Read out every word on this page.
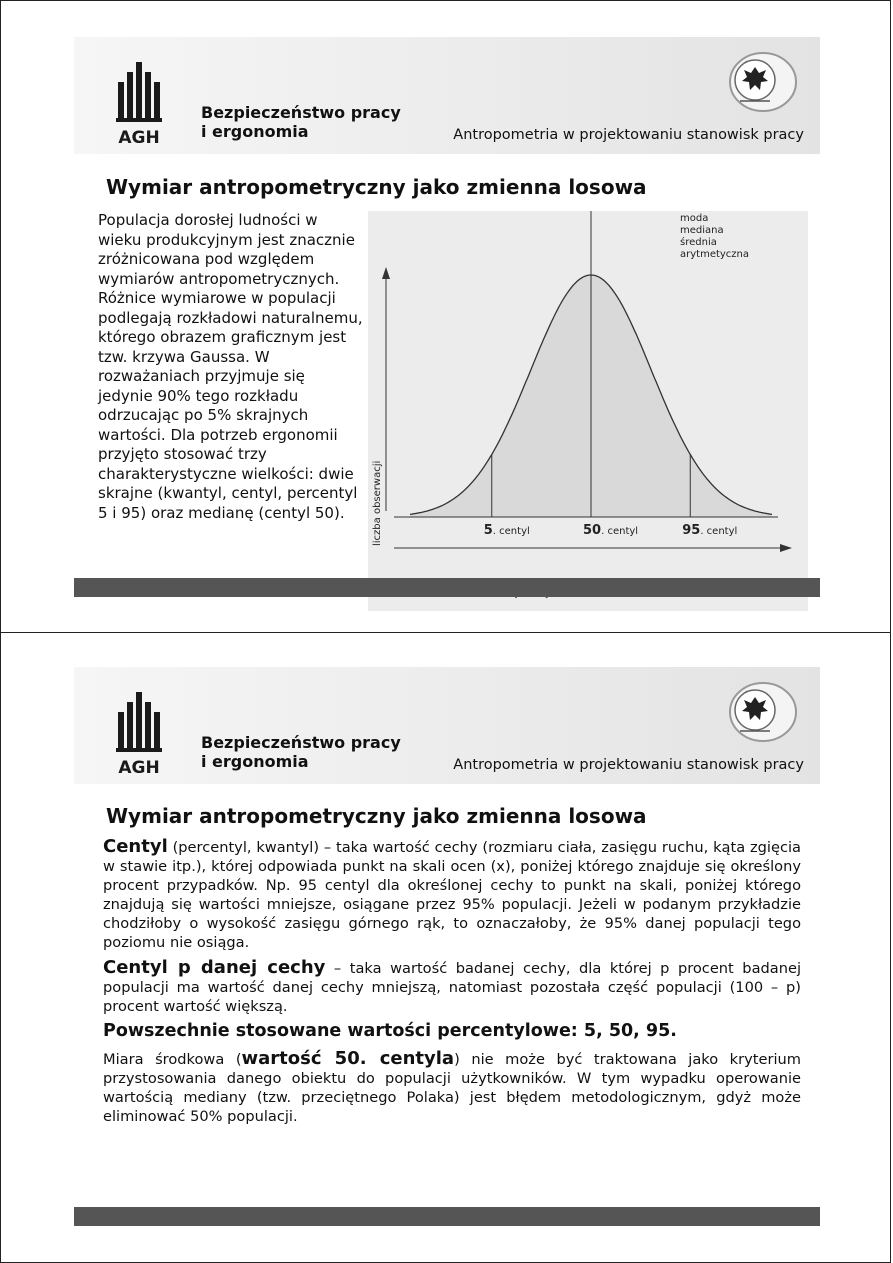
AGH
Bezpieczeństwo pracy
i ergonomia	Antropometria w projektowaniu stanowisk pracy
Wymiar antropometryczny jako zmienna losowa
Populacja dorosłej ludności w wieku produkcyjnym jest znacznie zróżnicowana pod względem wymiarów antropometrycznych. Różnice wymiarowe w populacji podlegają rozkładowi naturalnemu, którego obrazem graficznym jest tzw. krzywa Gaussa. W rozważaniach przyjmuje się jedynie 90% tego rozkładu odrzucając po 5% skrajnych wartości. Dla potrzeb ergonomii przyjęto stosować trzy charakterystyczne wielkości: dwie skrajne (kwantyl, centyl, percentyl 5 i 95) oraz medianę (centyl 50).
5. centyl	50. centyl	95. centyl
liczba obserwacji
moda
mediana
średnia
arytmetyczna
AGH
Bezpieczeństwo pracy
i ergonomia	Antropometria w projektowaniu stanowisk pracy
Wymiar antropometryczny jako zmienna losowa

Centyl (percentyl, kwantyl) – taka wartość cechy (rozmiaru ciała, zasięgu ruchu, kąta zgięcia w stawie itp.), której odpowiada punkt na skali ocen (x), poniżej którego znajduje się określony procent przypadków. Np. 95 centyl dla określonej cechy to punkt na skali, poniżej którego znajdują się wartości mniejsze, osiągane przez 95% populacji. Jeżeli w podanym przykładzie chodziłoby o wysokość zasięgu górnego rąk, to oznaczałoby, że 95% danej populacji tego poziomu nie osiąga.

Centyl p danej cechy – taka wartość badanej cechy, dla której p procent badanej populacji ma wartość danej cechy mniejszą, natomiast pozostała część populacji (100 – p) procent wartość większą.

Powszechnie stosowane wartości percentylowe: 5, 50, 95.

Miara środkowa (wartość 50. centyla) nie może być traktowana jako kryterium przystosowania danego obiektu do populacji użytkowników. W tym wypadku operowanie wartością mediany (tzw. przeciętnego Polaka) jest błędem metodologicznym, gdyż może eliminować 50% populacji.
